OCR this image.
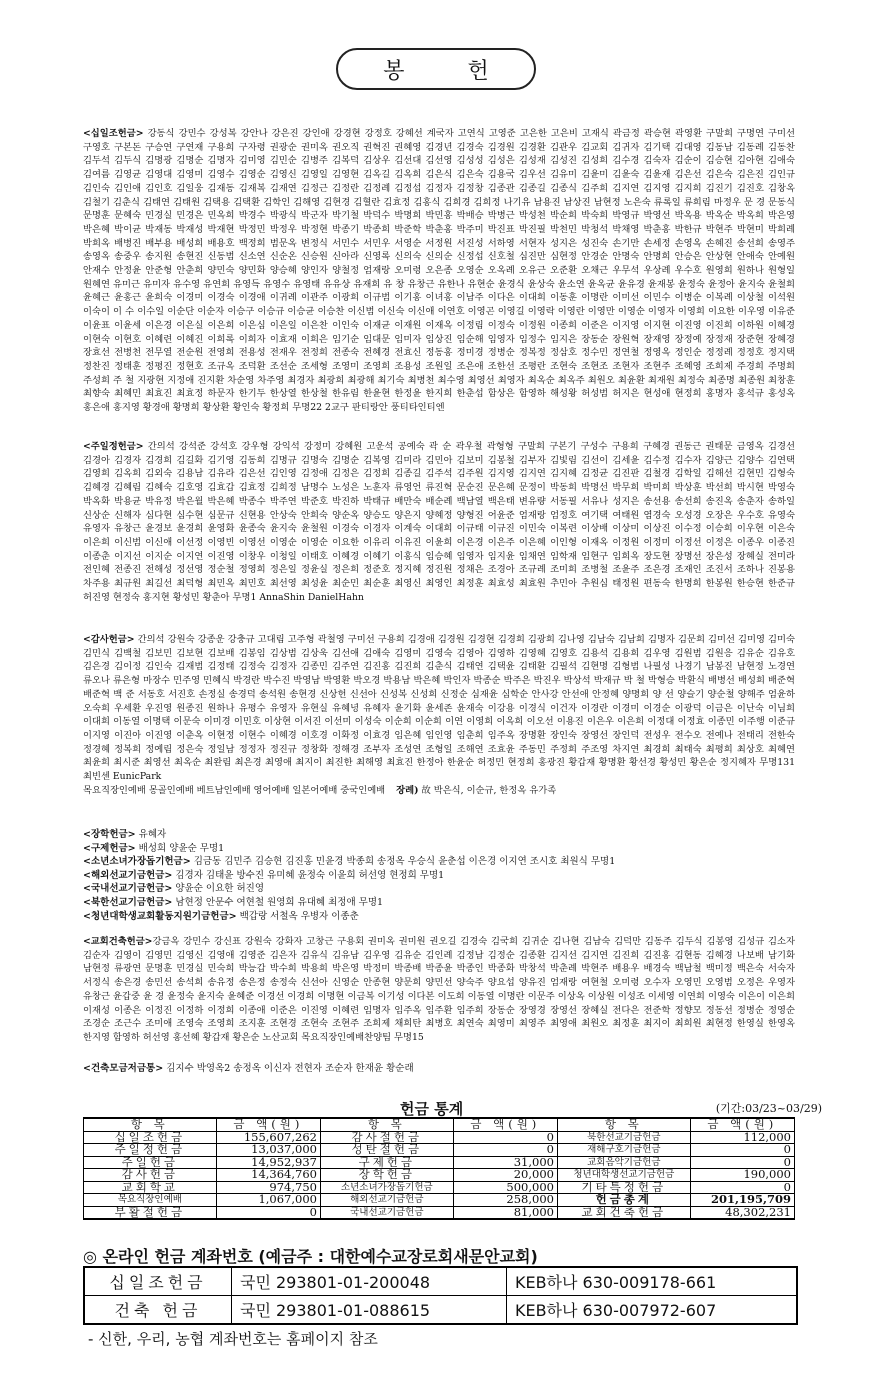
봉 헌
<십일조헌금> 강동식 강민수 강성복 강안나 강은진 강인애 강경현 강정호 강혜선 계국자 고연식 고영준 고은한 고은비 고재식 곽금정 곽승현 곽영환 구말희 구명연 구미선 구영호 구본돈 구승연 구연재 구용희 구자령 권광순 권미옥 권오직 권혁진 권혜영 김경년 김경숙 김경원 김경환 김관우 김교회 김귀자 김기택 김대영 김동남 김동례 김동찬 김두석 김두식 김명광 김명순 김명자 김미영 김민순 김병주 김복덕 김상우 김선대 김선영 김성성 김성은 김성재 김성진 김성희 김수경 김숙자 김순이 김승현 김아현 김애숙 김여름 김영균 김영대 김영미 김영수 김영순 김영신 김영일 김영현 김옥길 김옥희 김은식 김은숙 김용국 김우선 김유미 김윤미 김윤숙 김윤재 김은선 김은숙 김은진 김인규 김인숙 김인애 김인호 김일웅 김재동 김재복 김재연 김정근 김정란 김정례 김정섭 김정자 김정창 김종관 김종길 김종식 김주희 김지연 김지영 김지희 김진기 김진호 김창옥 김철기 김춘식 김태연 김태원 김택용 김택환 김학인 김해영 김현경 김혈란 김효정 김홍식 김희경 김희정 나기유 남용진 남상진 남현정 노은숙 류록일 류희림 마정우 문 경 문동식 문명훈 문혜숙 민경실 민경은 민옥희 박경수 박광식 박군자 박기철 박덕수 박명희 박민홍 박배승 박병근 박성천 박순희 박숙희 박영규 박영선 박옥용 박옥순 박옥희 박은영 박은혜 박이균 박재동 박재성 박재현 박정민 박정우 박정현 박종기 박종희 박준학 박춘홍 박주미 박진표 박진필 박천민 박청석 박채영 박춘홍 박한규 박현주 박현미 박희례 박희옥 배병진 배부용 배성희 배용호 백정희 범문옥 변정식 서민수 서민우 서영순 서정원 서진성 서하영 서현자 성지은 성진숙 손기만 손세정 손영옥 손혜진 송선희 송영주 송영옥 송중우 송지원 송현진 신동범 신소연 신순온 신승원 신아라 신영록 신의숙 신의순 신정섭 신호철 심진만 심현정 안경순 안명숙 안명희 안승은 안상현 안애숙 안예원 안재수 안정윤 안준형 안춘희 양민숙 양민화 양승혜 양인자 양철정 엄재랑 오미령 오은종 오영순 오옥례 오유근 오준환 오채근 우무석 우상례 우수호 원영희 원하나 원형일 원혜연 유미근 유미자 유수영 유연희 유영득 유영수 유영태 유유상 유재희 유 창 유창근 유한나 유현순 윤경식 윤상숙 윤소연 윤옥균 윤유경 윤재봉 윤정숙 윤정아 윤지숙 윤철희 윤혜근 윤홍근 윤희숙 이경미 이경숙 이경애 이귀례 이관주 이광희 이규범 이기홍 이녀홍 이남주 이다은 이대희 이동훈 이명란 이미선 이민수 이병순 이복례 이상철 이석원 이숙이 이 수 이수일 이순단 이순자 이승구 이승규 이승균 이승찬 이신범 이신숙 이신애 이연호 이영곤 이영길 이영락 이영란 이영만 이영순 이영자 이영희 이요한 이우영 이유준 이윤표 이윤세 이은경 이은실 이은희 이은심 이은일 이은찬 이인숙 이재균 이재원 이재옥 이정림 이정숙 이정원 이종희 이준은 이지영 이지현 이진영 이진희 이하원 이혜경 이현숙 이현호 이혜련 이혜진 이희록 이희자 이효재 이희은 임기순 임대문 임미자 임상진 임순해 임영자 임정수 임지은 장동순 장원혁 장재영 장정예 장정재 장준현 장혜경 장효선 전병천 전무열 전순원 전영희 전용성 전재우 전정희 전종숙 전혜경 전효신 정동홍 정미경 정병순 정복정 정삼호 정수민 정연철 정영옥 정인순 정정례 정정호 정지택 정찬진 정태훈 정평진 정현호 조규옥 조덕환 조선순 조세형 조영미 조영희 조용성 조원일 조은애 조한선 조평란 조현숙 조현조 조현자 조현주 조혜영 조희제 주경희 주명희 주성희 주 철 지광현 지정애 진지환 차순영 차주영 최경자 최광희 최광해 최기숙 최병천 최수영 최영선 최영자 최옥순 최옥주 최원오 최윤환 최재원 최정숙 최종명 최종원 최창훈 최향숙 최혜민 최효진 최효정 하문자 한기두 한상열 한상철 한유림 한윤현 한정윤 한지희 한춘섭 함상은 함영하 해성왕 허성범 허지은 현성애 현정희 홍명자 홍석규 홍성옥 홍은애 홍지영 황경애 황명희 황상환 황인숙 황정희 무명22 2교구 판티랑안 풍티타인티엔
<주일정헌금> 간의석 강석준 강석호 강우형 강익석 강정미 강혜원 고운석 공예숙 곽 순 곽우철 곽형형 구말희 구본기 구성수 구용희 구혜경 권동근 권태문 금영옥 김경선 김경아 김경자 김경희 김길화 김기영 김동희 김명규 김명숙 김명순 김복영 김미라 김민아 김보미 김봉철 김부자 김빛림 김선이 김세윤 김수정 김수자 김양근 김양수 김연택 김영희 김옥희 김외숙 김용남 김유라 김은선 김인영 김정애 김정은 김정희 김종길 김주석 김주원 김지영 김지연 김지혜 김정균 김진판 김철경 김학일 김해선 김현민 김형숙 김혜경 김혜림 김혜숙 김호영 김효갑 김효정 김희정 남명수 노성은 노훈자 류영언 류진혁 문순진 문은혜 문정이 박동희 박명선 박무희 박미희 박상훈 박선희 박시현 박영숙 박옥화 박용균 박유정 박은월 박은혜 박종수 박주연 박준호 박진하 박태규 배만숙 배순례 백남열 백은태 변유량 서동필 서유나 성지은 송선용 송선희 송진옥 송춘자 송하일 신상순 신해자 심다현 심수현 심문규 신현용 안상숙 안희숙 양순옥 양승도 양은지 양혜정 양형진 어윤준 엄재랑 엄정호 여기택 여태원 염경숙 오성경 오장은 우수호 유영숙 유영자 유창근 윤경보 윤경희 윤영화 윤종숙 윤지숙 윤철원 이경숙 이경자 이계숙 이대희 이규태 이규진 이민숙 이복련 이상배 이상미 이상진 이수정 이승희 이우현 이은숙 이은희 이신범 이신애 이선정 이영빈 이영선 이영순 이영순 이요한 이유리 이유진 이윤희 이은경 이은주 이은혜 이인형 이재옥 이정원 이정미 이정선 이정은 이종우 이종진 이종춘 이지선 이지순 이지연 이진영 이창우 이청일 이태호 이혜경 이혜기 이홍식 임승혜 임영자 임지윤 임채연 임학재 임현구 임희옥 장도현 장명선 장은성 장혜실 전미라 전인혜 전종진 전해성 정선영 정순철 정영희 정은일 정윤실 정은희 정준호 정지혜 정진원 정채은 조경아 조규례 조미희 조병철 조윤주 조은경 조재인 조진서 조하나 진봉용 차주용 최규원 최길선 최덕형 최민옥 최민호 최선영 최성윤 최순민 최순훈 최영신 최영인 최정훈 최효성 최효원 추민아 추원심 태정원 편동숙 한명희 한봉원 한승현 한준규 허진영 현정숙 홍지현 황성민 황춘아 무명1 AnnaShin DanielHahn
<감사헌금> 간의석 강원숙 강종운 강충규 고대림 고주형 곽철영 구미선 구용희 김경애 김경원 김경현 김경희 김광희 김나영 김남숙 김남희 김명자 김문희 김미선 김미영 김미숙 김민식 김백철 김보민 김보현 김보배 김봉임 김상범 김상욱 김선애 김애숙 김영미 김영숙 김영아 김영하 김영혜 김영호 김용석 김용희 김우영 김원범 김원응 김유순 김유호 김은경 김이정 김인숙 김재범 김정태 김정숙 김정자 김종민 김주연 김진홍 김진희 김춘식 김태연 김택윤 김태환 김필석 김현명 김형범 나필성 나경기 남봉진 남현정 노경연 류오나 류은형 마장수 민주영 민혜식 박경란 박수진 박영남 박영환 박오경 박용남 박은혜 박인자 박종순 박주은 박진우 박상석 박재규 박 철 박형승 박환식 배병선 배성희 배준혁 배준혁 백 준 서동호 서진호 손정실 송경덕 송석원 송현경 신상헌 신선아 신성복 신성희 신정순 심재윤 심학순 안사강 안선애 안정혜 양명희 양 선 양슬기 양순철 양해주 엄윤하 오숙희 우세환 우진영 원종진 원하나 유평수 유영자 유현실 유혜녕 유혜자 윤기화 윤세존 윤재숙 이강용 이경식 이건자 이경란 이경미 이경순 이광덕 이금은 이난숙 이님희 이대희 이동열 이명택 이문숙 이미경 이민호 이상현 이서진 이선미 이성숙 이순희 이순희 이연 이영희 이옥희 이오선 이용진 이은우 이은희 이정대 이정효 이종민 이주행 이준규 이지영 이진아 이진영 이춘옥 이현정 이현수 이혜경 이호경 이화정 이효경 임은혜 임인영 임춘희 임주옥 장명환 장인숙 장영선 장인덕 전성우 전수오 전예나 전태리 전한숙 정경혜 정복희 정예림 정은숙 정일남 정정자 정진규 정창화 정해경 조부자 조성연 조형일 조해연 조효윤 주동민 주정희 주조영 차지연 최경희 최태숙 최평희 최상호 최혜연 최윤희 최시준 최영선 최옥순 최완림 최은경 최영애 최지이 최진한 최해영 최효진 한정아 한윤순 허정민 현정희 홍광진 황갑재 황명환 황선경 황성민 황은순 정지혜자 무명131 최빈센 EunicPark
목요직장인예배 몽골인예배 베트남인예배 영어예배 일본어예배 중국인예배 장례) 故 박은식, 이순규, 한정옥 유가족
<장학헌금> 유혜자
<구제헌금> 배성희 양윤순 무명1
<소년소녀가장돕기헌금> 김금동 김민주 김승현 김진홍 민윤경 박종희 송정옥 우승식 윤춘섭 이은경 이지연 조시호 최원식 무명1
<해외선교기금헌금> 김경자 김태윤 방수진 유미혜 윤정숙 이윤희 허선영 현정희 무명1
<국내선교기금헌금> 양윤순 이요한 허진영
<북한선교기금헌금> 남현정 안문수 여현철 원영희 유대혜 최정애 무명1
<청년대학생교회활동지원기금헌금> 백갑랑 서철옥 우병자 이종춘
<교회건축헌금>강금옥 강민수 강신표 강원숙 강화자 고창근 구용회 권미옥 권미원 권오길 김경숙 김국희 김귀순 김나현 김남숙 김덕만 김동주 김두식 김봉영 김성규 김소자 김순자 김영이 김영민 김영신 김영애 김영준 김은자 김유식 김유남 김우영 김유순 김인례 김정남 김정순 김종환 김지선 김지연 김진희 김진홍 김현동 김혜경 나보배 남기화 남현정 류광연 문명훈 민경실 민숙희 박능갑 박수희 박용희 박은영 박정미 박종배 박종윤 박종인 박종화 박창석 박춘례 박현주 배용우 배경숙 백남철 백미정 백은숙 서숙자 서정식 송은경 송민선 송석희 송유정 송은정 송정숙 신선아 신영순 안종현 양문희 양민선 양숙주 양요섭 양유진 엄재랑 여현철 오미령 오수자 오영민 오영범 오정은 우영자 유창근 윤갑중 윤 경 윤정숙 윤지숙 윤혜준 이경선 이경희 이명현 이금복 이기성 이다본 이도희 이동열 이명란 이문주 이상옥 이상원 이성조 이세영 이연희 이영숙 이은이 이은희 이재성 이종은 이정진 이정하 이정희 이종애 이준은 이진영 이혜련 임명자 임주옥 임주환 임주희 장동순 장영경 장영선 장혜실 전다은 전준학 정향모 정동선 정병순 정영순 조경순 조근수 조미애 조영숙 조영희 조지훈 조현경 조현숙 조현주 조희제 채희탄 최병호 최연숙 최영미 최영주 최영애 최원오 최정훈 최지이 최희원 최현정 한영실 한영옥 한지영 함영하 허선영 홍선혜 황갑재 황은순 노산교회 목요직장인예배찬양팀 무명15
<건축모금저금통> 김지수 박영옥2 송정옥 이신자 전현자 조순자 한재윤 황순래
헌금 통계	(기간:03/23~03/29)
항 목	금 액(원)	항 목	금 액(원)	항 목	금 액(원)
십일조헌금	155,607,262	감사절헌금	0	북한선교기금헌금	112,000
주일정헌금	13,037,000	성탄절헌금	0	재해구호기금헌금	0
주일헌금	14,952,937	구제헌금	31,000	교회음악기금헌금	0
감사헌금	14,364,760	장학헌금	20,000	청년대학생선교기금헌금	190,000
교회학교	974,750	소년소녀가장돕기헌금	500,000	기타특정헌금	0
목요직장인예배	1,067,000	해외선교기금헌금	258,000	헌금총계	201,195,709
부활절헌금	0	국내선교기금헌금	81,000	교회건축헌금	48,302,231
◎ 온라인 헌금 계좌번호 (예금주 : 대한예수교장로회새문안교회)
십일조헌금	국민 293801-01-200048	KEB하나 630-009178-661
건축 헌금	국민 293801-01-088615	KEB하나 630-007972-607
- 신한, 우리, 농협 계좌번호는 홈페이지 참조
